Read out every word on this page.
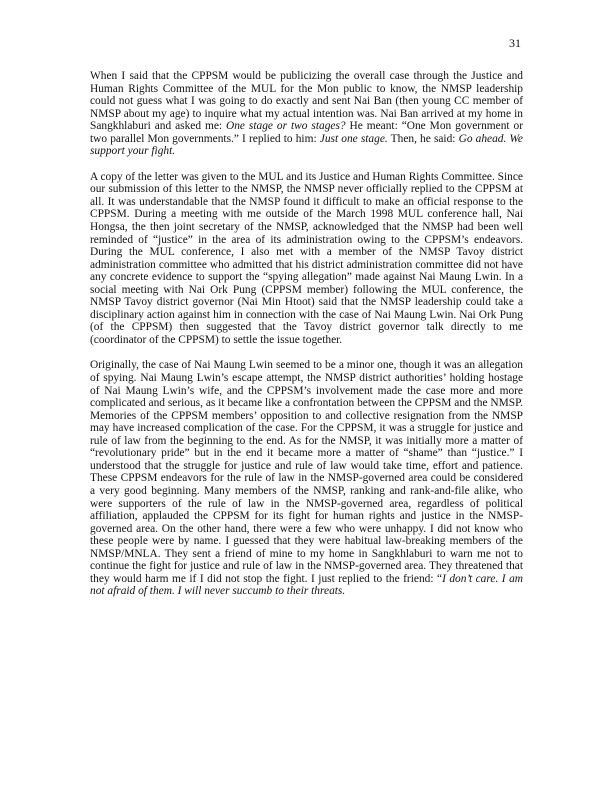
31

When I said that the CPPSM would be publicizing the overall case through the Justice and Human Rights Committee of the MUL for the Mon public to know, the NMSP leadership could not guess what I was going to do exactly and sent Nai Ban (then young CC member of NMSP about my age) to inquire what my actual intention was. Nai Ban arrived at my home in Sangkhlaburi and asked me: One stage or two stages? He meant: “One Mon government or two parallel Mon governments.” I replied to him: Just one stage. Then, he said: Go ahead. We support your fight.

A copy of the letter was given to the MUL and its Justice and Human Rights Committee. Since our submission of this letter to the NMSP, the NMSP never officially replied to the CPPSM at all. It was understandable that the NMSP found it difficult to make an official response to the CPPSM. During a meeting with me outside of the March 1998 MUL conference hall, Nai Hongsa, the then joint secretary of the NMSP, acknowledged that the NMSP had been well reminded of “justice” in the area of its administration owing to the CPPSM’s endeavors. During the MUL conference, I also met with a member of the NMSP Tavoy district administration committee who admitted that his district administration committee did not have any concrete evidence to support the “spying allegation” made against Nai Maung Lwin. In a social meeting with Nai Ork Pung (CPPSM member) following the MUL conference, the NMSP Tavoy district governor (Nai Min Htoot) said that the NMSP leadership could take a disciplinary action against him in connection with the case of Nai Maung Lwin. Nai Ork Pung (of the CPPSM) then suggested that the Tavoy district governor talk directly to me (coordinator of the CPPSM) to settle the issue together.

Originally, the case of Nai Maung Lwin seemed to be a minor one, though it was an allegation of spying. Nai Maung Lwin’s escape attempt, the NMSP district authorities’ holding hostage of Nai Maung Lwin’s wife, and the CPPSM’s involvement made the case more and more complicated and serious, as it became like a confrontation between the CPPSM and the NMSP. Memories of the CPPSM members’ opposition to and collective resignation from the NMSP may have increased complication of the case. For the CPPSM, it was a struggle for justice and rule of law from the beginning to the end. As for the NMSP, it was initially more a matter of “revolutionary pride” but in the end it became more a matter of “shame” than “justice.” I understood that the struggle for justice and rule of law would take time, effort and patience. These CPPSM endeavors for the rule of law in the NMSP-governed area could be considered a very good beginning. Many members of the NMSP, ranking and rank-and-file alike, who were supporters of the rule of law in the NMSP-governed area, regardless of political affiliation, applauded the CPPSM for its fight for human rights and justice in the NMSP-governed area. On the other hand, there were a few who were unhappy. I did not know who these people were by name. I guessed that they were habitual law-breaking members of the NMSP/MNLA. They sent a friend of mine to my home in Sangkhlaburi to warn me not to continue the fight for justice and rule of law in the NMSP-governed area. They threatened that they would harm me if I did not stop the fight. I just replied to the friend: “I don’t care. I am not afraid of them. I will never succumb to their threats.
